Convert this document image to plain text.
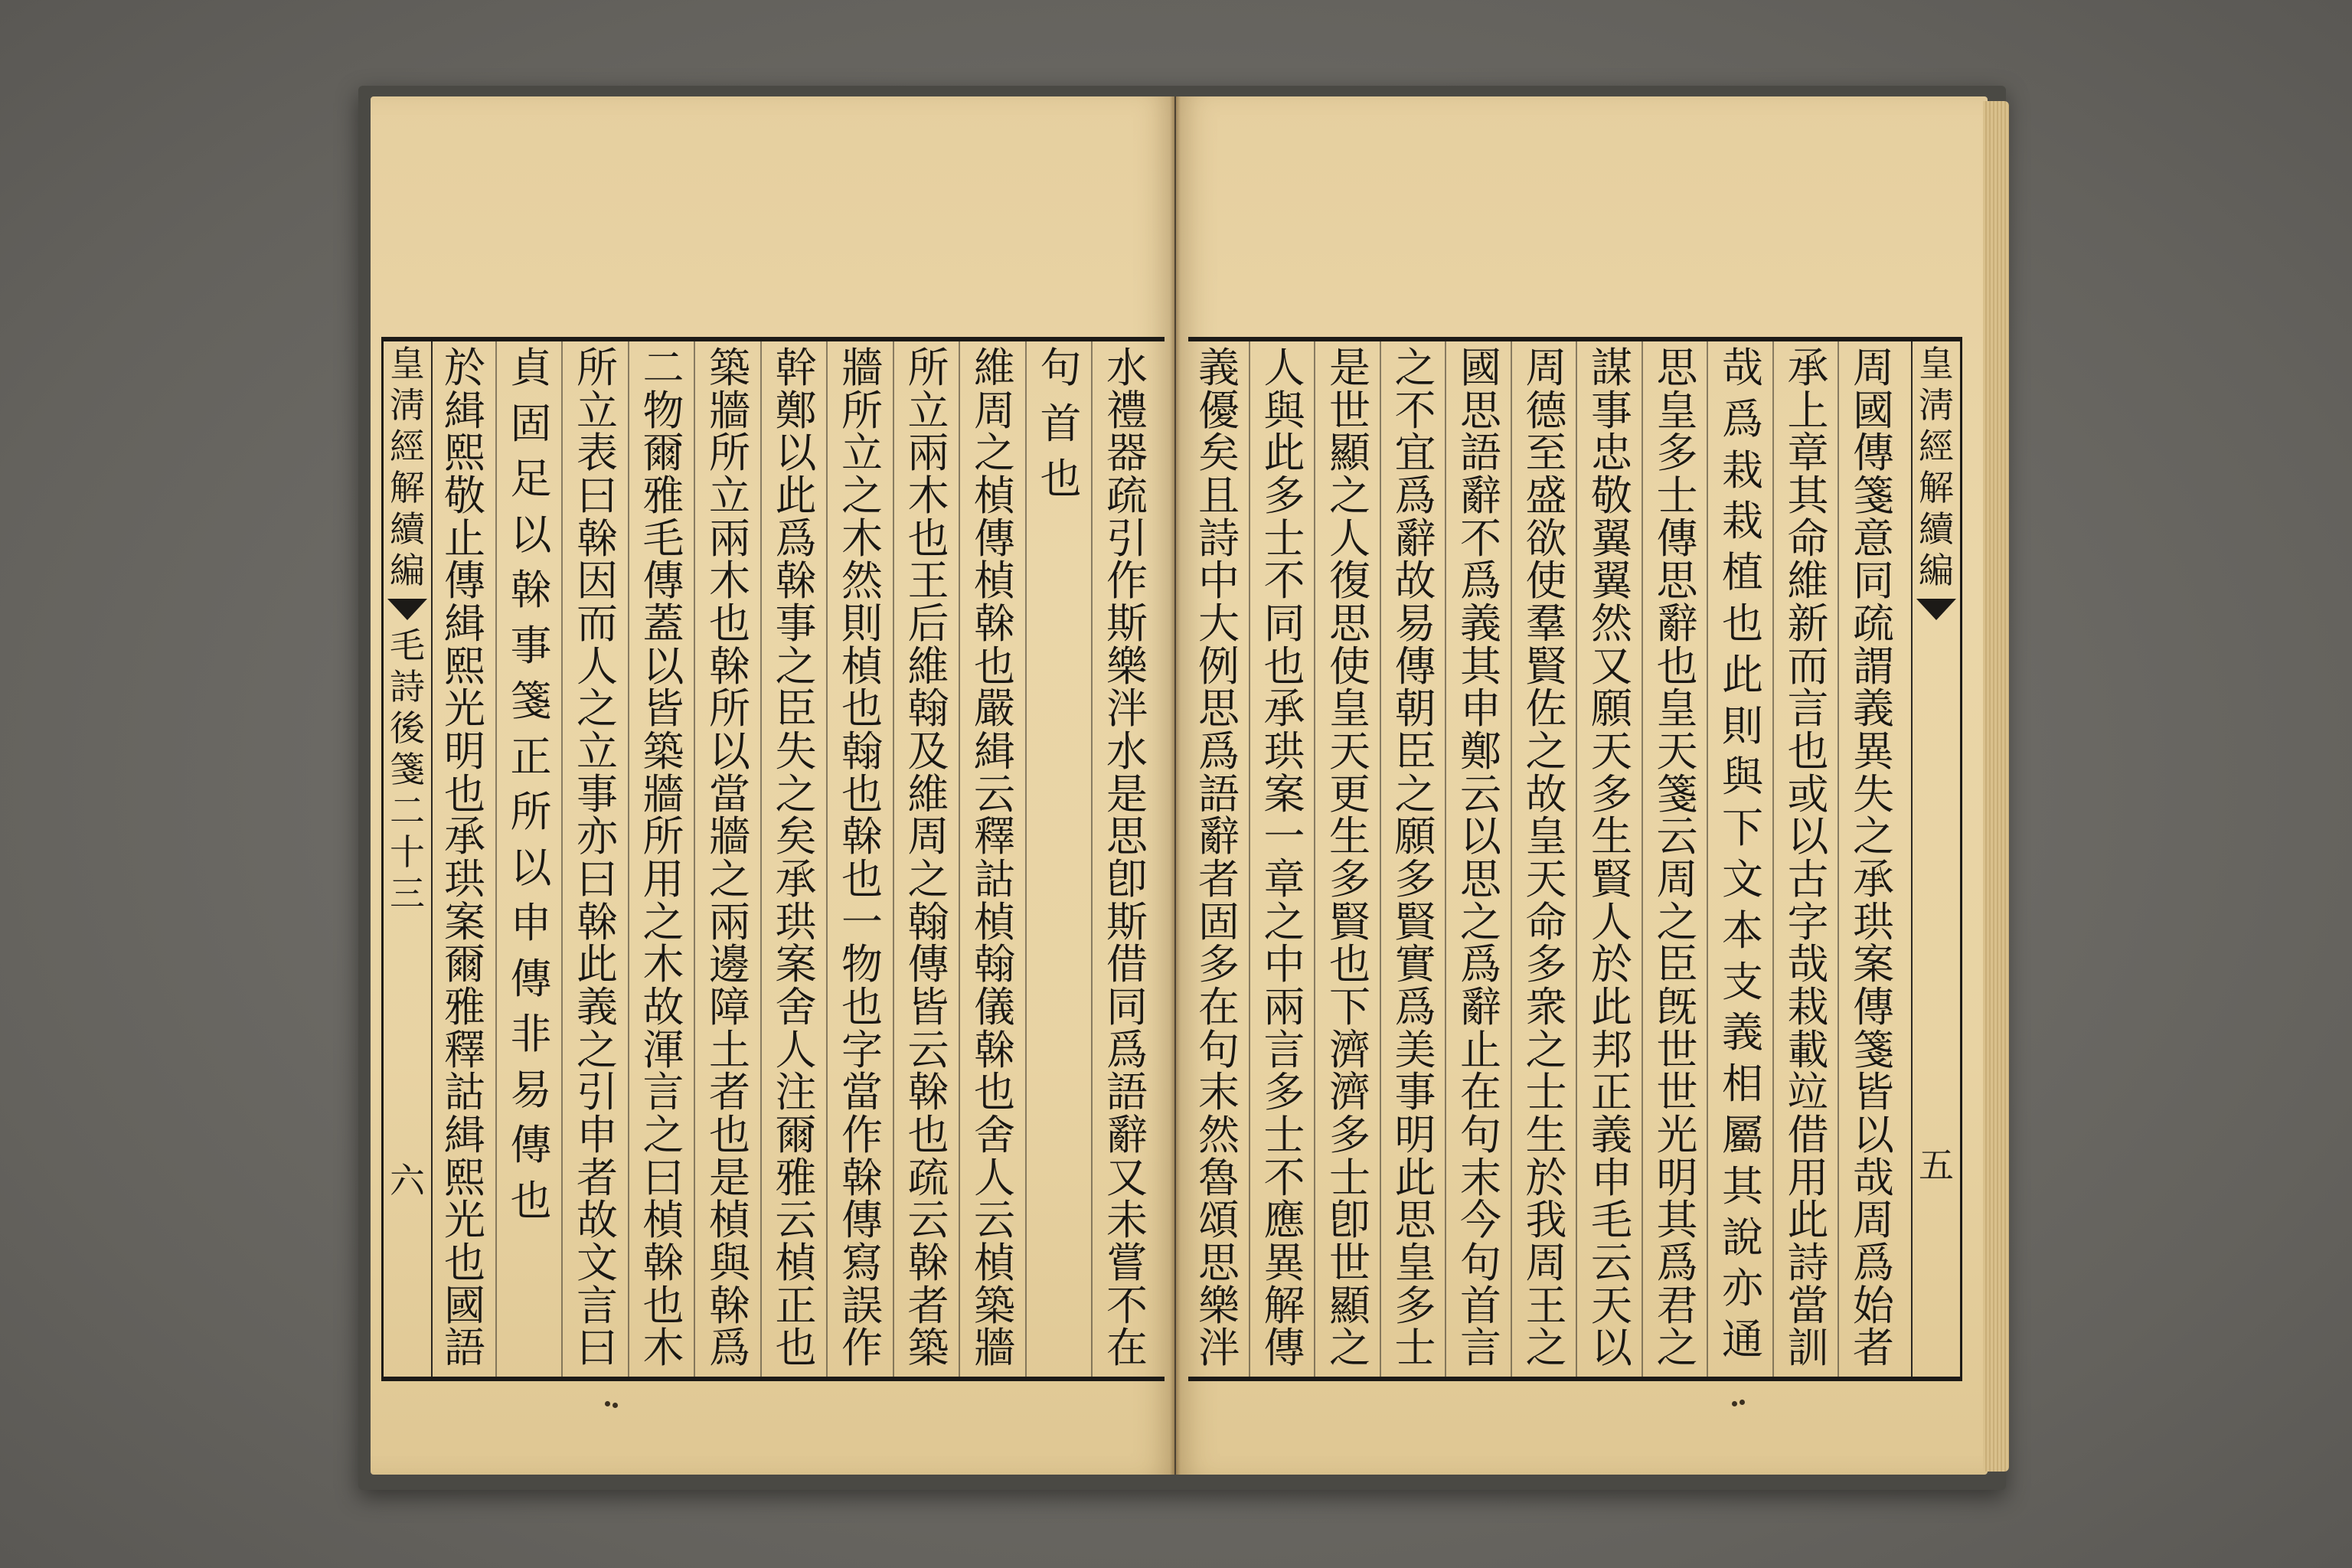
皇
淸
經
解
續
編
毛
詩
後
箋
二
十
三
六
水
禮
器
疏
引
作
斯
樂
泮
水
是
思
卽
斯
借
同
爲
語
辭
又
未
嘗
不
在
句
首
也
維
周
之
楨
傳
楨
榦
也
嚴
緝
云
釋
詁
楨
翰
儀
榦
也
舍
人
云
楨
築
牆
所
立
兩
木
也
王
后
維
翰
及
維
周
之
翰
傳
皆
云
榦
也
疏
云
榦
者
築
牆
所
立
之
木
然
則
楨
也
翰
也
榦
也
一
物
也
字
當
作
榦
傳
寫
誤
作
幹
鄭
以
此
爲
榦
事
之
臣
失
之
矣
承
珙
案
舍
人
注
爾
雅
云
楨
正
也
築
牆
所
立
兩
木
也
榦
所
以
當
牆
之
兩
邊
障
土
者
也
是
楨
與
榦
爲
二
物
爾
雅
毛
傳
蓋
以
皆
築
牆
所
用
之
木
故
渾
言
之
曰
楨
榦
也
木
所
立
表
曰
榦
因
而
人
之
立
事
亦
曰
榦
此
義
之
引
申
者
故
文
言
曰
貞
固
足
以
榦
事
箋
正
所
以
申
傳
非
易
傳
也
於
緝
熙
敬
止
傳
緝
熙
光
明
也
承
珙
案
爾
雅
釋
詁
緝
熙
光
也
國
語
皇
淸
經
解
續
編
五
周
國
傳
箋
意
同
疏
謂
義
異
失
之
承
珙
案
傳
箋
皆
以
哉
周
爲
始
者
承
上
章
其
命
維
新
而
言
也
或
以
古
字
哉
栽
載
竝
借
用
此
詩
當
訓
哉
爲
栽
栽
植
也
此
則
與
下
文
本
支
義
相
屬
其
說
亦
通
思
皇
多
士
傳
思
辭
也
皇
天
箋
云
周
之
臣
旣
世
世
光
明
其
爲
君
之
謀
事
忠
敬
翼
翼
然
又
願
天
多
生
賢
人
於
此
邦
正
義
申
毛
云
天
以
周
德
至
盛
欲
使
羣
賢
佐
之
故
皇
天
命
多
衆
之
士
生
於
我
周
王
之
國
思
語
辭
不
爲
義
其
申
鄭
云
以
思
之
爲
辭
止
在
句
末
今
句
首
言
之
不
宜
爲
辭
故
易
傳
朝
臣
之
願
多
賢
實
爲
美
事
明
此
思
皇
多
士
是
世
顯
之
人
復
思
使
皇
天
更
生
多
賢
也
下
濟
濟
多
士
卽
世
顯
之
人
與
此
多
士
不
同
也
承
珙
案
一
章
之
中
兩
言
多
士
不
應
異
解
傳
義
優
矣
且
詩
中
大
例
思
爲
語
辭
者
固
多
在
句
末
然
魯
頌
思
樂
泮
